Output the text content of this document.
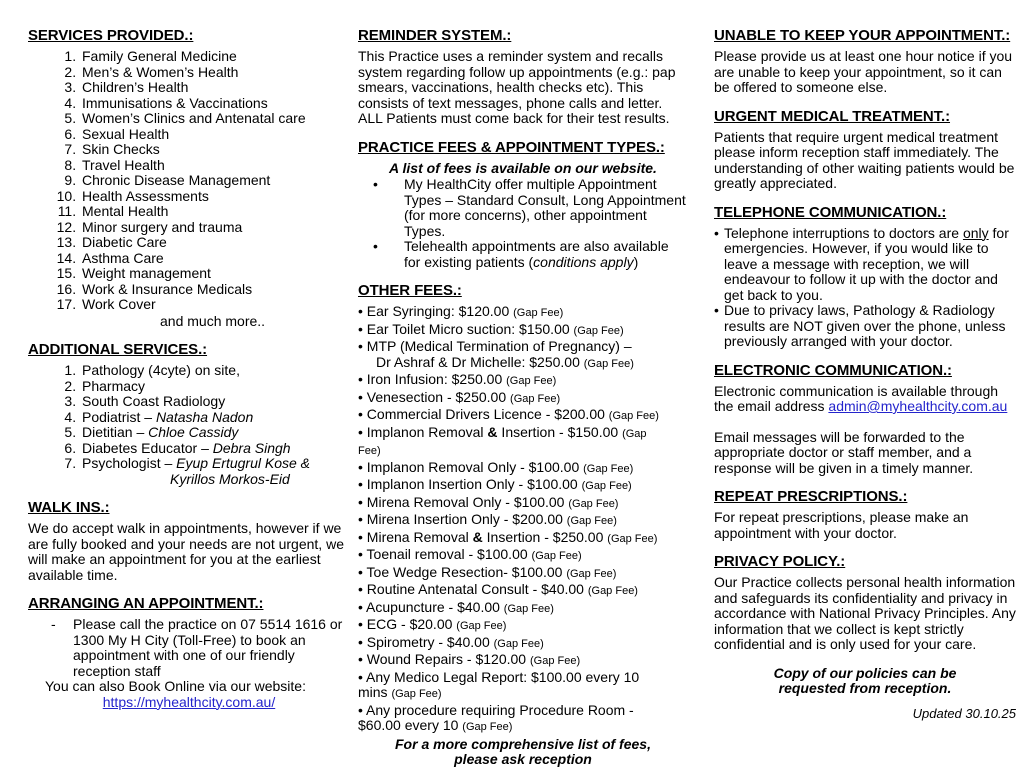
SERVICES PROVIDED.:
1. Family General Medicine
2. Men’s & Women’s Health
3. Children’s Health
4. Immunisations & Vaccinations
5. Women’s Clinics and Antenatal care
6. Sexual Health
7. Skin Checks
8. Travel Health
9. Chronic Disease Management
10. Health Assessments
11. Mental Health
12. Minor surgery and trauma
13. Diabetic Care
14. Asthma Care
15. Weight management
16. Work & Insurance Medicals
17. Work Cover
and much more..
ADDITIONAL SERVICES.:
1. Pathology (4cyte) on site,
2. Pharmacy
3. South Coast Radiology
4. Podiatrist – Natasha Nadon
5. Dietitian – Chloe Cassidy
6. Diabetes Educator – Debra Singh
7. Psychologist – Eyup Ertugrul Kose &
Kyrillos Morkos-Eid
WALK INS.:

We do accept walk in appointments, however if we are fully booked and your needs are not urgent, we will make an appointment for you at the earliest available time.

ARRANGING AN APPOINTMENT.:
-	Please call the practice on 07 5514 1616 or 1300 My H City (Toll-Free) to book an appointment with one of our friendly reception staff
You can also Book Online via our website:
https://myhealthcity.com.au/
REMINDER SYSTEM.:

This Practice uses a reminder system and recalls system regarding follow up appointments (e.g.: pap smears, vaccinations, health checks etc). This consists of text messages, phone calls and letter. ALL Patients must come back for their test results.

PRACTICE FEES & APPOINTMENT TYPES.:
A list of fees is available on our website.
• My HealthCity offer multiple Appointment Types – Standard Consult, Long Appointment (for more concerns), other appointment Types.
• Telehealth appointments are also available for existing patients (conditions apply)
OTHER FEES.:
• Ear Syringing: $120.00 (Gap Fee)
• Ear Toilet Micro suction: $150.00 (Gap Fee)
• MTP (Medical Termination of Pregnancy) –
Dr Ashraf & Dr Michelle: $250.00 (Gap Fee)
• Iron Infusion: $250.00 (Gap Fee)
• Venesection - $250.00 (Gap Fee)
• Commercial Drivers Licence - $200.00 (Gap Fee)
• Implanon Removal & Insertion - $150.00 (Gap
Fee)
• Implanon Removal Only - $100.00 (Gap Fee)
• Implanon Insertion Only - $100.00 (Gap Fee)
• Mirena Removal Only - $100.00 (Gap Fee)
• Mirena Insertion Only - $200.00 (Gap Fee)
• Mirena Removal & Insertion - $250.00 (Gap Fee)
• Toenail removal - $100.00 (Gap Fee)
• Toe Wedge Resection- $100.00 (Gap Fee)
• Routine Antenatal Consult - $40.00 (Gap Fee)
• Acupuncture - $40.00 (Gap Fee)
• ECG - $20.00 (Gap Fee)
• Spirometry - $40.00 (Gap Fee)
• Wound Repairs - $120.00 (Gap Fee)
• Any Medico Legal Report: $100.00 every 10
mins (Gap Fee)
• Any procedure requiring Procedure Room -
$60.00 every 10 (Gap Fee)
For a more comprehensive list of fees,
please ask reception
UNABLE TO KEEP YOUR APPOINTMENT.:

Please provide us at least one hour notice if you are unable to keep your appointment, so it can be offered to someone else.

URGENT MEDICAL TREATMENT.:

Patients that require urgent medical treatment please inform reception staff immediately. The understanding of other waiting patients would be greatly appreciated.

TELEPHONE COMMUNICATION.:
• Telephone interruptions to doctors are only for emergencies. However, if you would like to leave a message with reception, we will endeavour to follow it up with the doctor and get back to you.
• Due to privacy laws, Pathology & Radiology results are NOT given over the phone, unless previously arranged with your doctor.
ELECTRONIC COMMUNICATION.:

Electronic communication is available through the email address admin@myhealthcity.com.au

Email messages will be forwarded to the appropriate doctor or staff member, and a response will be given in a timely manner.

REPEAT PRESCRIPTIONS.:

For repeat prescriptions, please make an appointment with your doctor.

PRIVACY POLICY.:

Our Practice collects personal health information and safeguards its confidentiality and privacy in accordance with National Privacy Principles. Any information that we collect is kept strictly confidential and is only used for your care.

Copy of our policies can be
requested from reception.
Updated 30.10.25
